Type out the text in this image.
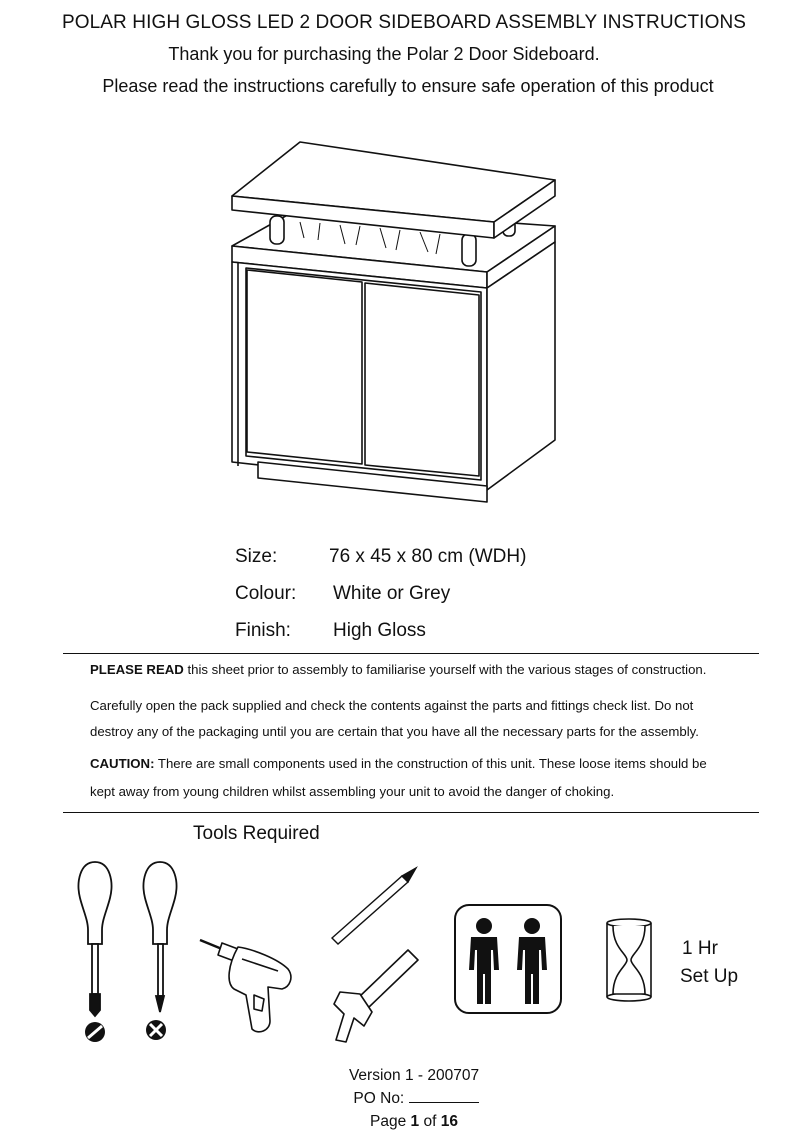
POLAR HIGH GLOSS LED 2 DOOR SIDEBOARD ASSEMBLY INSTRUCTIONS
Thank you for purchasing the Polar 2 Door Sideboard.
Please read the instructions carefully to ensure safe operation of this product
Size:	76 x 45 x 80 cm (WDH)
Colour: White or Grey
Finish: High Gloss
PLEASE READ this sheet prior to assembly to familiarise yourself with the various stages of construction.
Carefully open the pack supplied and check the contents against the parts and fittings check list. Do not
destroy any of the packaging until you are certain that you have all the necessary parts for the assembly.
CAUTION: There are small components used in the construction of this unit. These loose items should be
kept away from young children whilst assembling your unit to avoid the danger of choking.
Tools Required
1 Hr
Set Up
Version 1 - 200707
PO No:
Page 1 of 16
